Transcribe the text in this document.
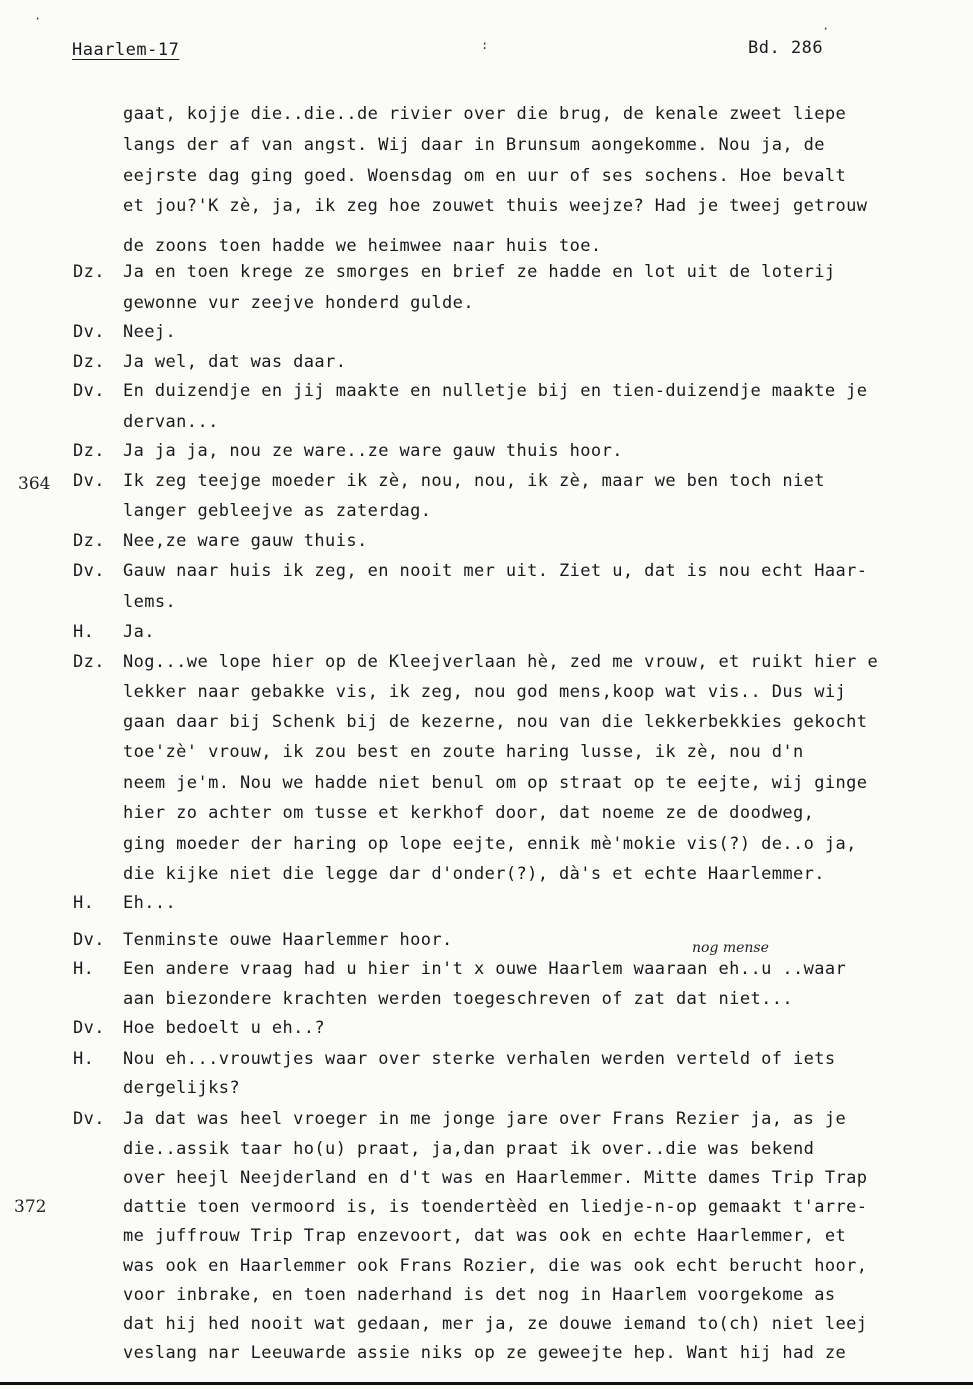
Haarlem-17	Bd. 286
364
372
nog mense
gaat, kojje die..die..de rivier over die brug, de kenale zweet liepe
langs der af van angst. Wij daar in Brunsum aongekomme. Nou ja, de
eejrste dag ging goed. Woensdag om en uur of ses sochens. Hoe bevalt
et jou?'K zè, ja, ik zeg hoe zouwet thuis weejze? Had je tweej getrouw
de zoons toen hadde we heimwee naar huis toe.
Dz. Ja en toen krege ze smorges en brief ze hadde en lot uit de loterij
gewonne vur zeejve honderd gulde.
Dv. Neej.
Dz. Ja wel, dat was daar.
Dv. En duizendje en jij maakte en nulletje bij en tien-duizendje maakte je
dervan...
Dz. Ja ja ja, nou ze ware..ze ware gauw thuis hoor.
Dv. Ik zeg teejge moeder ik zè, nou, nou, ik zè, maar we ben toch niet
langer gebleejve as zaterdag.
Dz. Nee,ze ware gauw thuis.
Dv. Gauw naar huis ik zeg, en nooit mer uit. Ziet u, dat is nou echt Haar-
lems.
H. Ja.
Dz. Nog...we lope hier op de Kleejverlaan hè, zed me vrouw, et ruikt hier e
lekker naar gebakke vis, ik zeg, nou god mens,koop wat vis.. Dus wij
gaan daar bij Schenk bij de kezerne, nou van die lekkerbekkies gekocht
toe'zè' vrouw, ik zou best en zoute haring lusse, ik zè, nou d'n
neem je'm. Nou we hadde niet benul om op straat op te eejte, wij ginge
hier zo achter om tusse et kerkhof door, dat noeme ze de doodweg,
ging moeder der haring op lope eejte, ennik mè'mokie vis(?) de..o ja,
die kijke niet die legge dar d'onder(?), dà's et echte Haarlemmer.
H. Eh...
Dv. Tenminste ouwe Haarlemmer hoor.
H. Een andere vraag had u hier in't x ouwe Haarlem waaraan eh..u ..waar
aan biezondere krachten werden toegeschreven of zat dat niet...
Dv. Hoe bedoelt u eh..?
H. Nou eh...vrouwtjes waar over sterke verhalen werden verteld of iets
dergelijks?
Dv. Ja dat was heel vroeger in me jonge jare over Frans Rezier ja, as je
die..assik taar ho(u) praat, ja,dan praat ik over..die was bekend
over heejl Neejderland en d't was en Haarlemmer. Mitte dames Trip Trap
dattie toen vermoord is, is toendertèèd en liedje-n-op gemaakt t'arre-
me juffrouw Trip Trap enzevoort, dat was ook en echte Haarlemmer, et
was ook en Haarlemmer ook Frans Rozier, die was ook echt berucht hoor,
voor inbrake, en toen naderhand is det nog in Haarlem voorgekome as
dat hij hed nooit wat gedaan, mer ja, ze douwe iemand to(ch) niet leej
veslang nar Leeuwarde assie niks op ze geweejte hep. Want hij had ze
·
·
:
